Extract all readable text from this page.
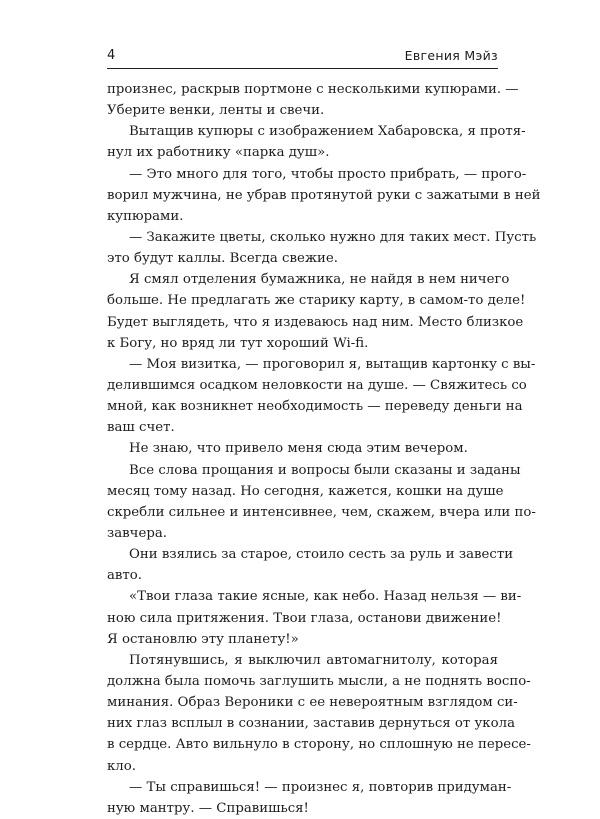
4	Евгения Мэйз
произнес, раскрыв портмоне с несколькими купюрами. —
Уберите венки, ленты и свечи.
Вытащив купюры с изображением Хабаровска, я протя-
нул их работнику «парка душ».
— Это много для того, чтобы просто прибрать, — прого-
ворил мужчина, не убрав протянутой руки с зажатыми в ней
купюрами.
— Закажите цветы, сколько нужно для таких мест. Пусть
это будут каллы. Всегда свежие.
Я смял отделения бумажника, не найдя в нем ничего
больше. Не предлагать же старику карту, в самом-то деле!
Будет выглядеть, что я издеваюсь над ним. Место близкое
к Богу, но вряд ли тут хороший Wi-fi.
— Моя визитка, — проговорил я, вытащив картонку с вы-
делившимся осадком неловкости на душе. — Свяжитесь со
мной, как возникнет необходимость — переведу деньги на
ваш счет.
Не знаю, что привело меня сюда этим вечером.
Все слова прощания и вопросы были сказаны и заданы
месяц тому назад. Но сегодня, кажется, кошки на душе
скребли сильнее и интенсивнее, чем, скажем, вчера или по-
завчера.
Они взялись за старое, стоило сесть за руль и завести
авто.
«Твои глаза такие ясные, как небо. Назад нельзя — ви-
ною сила притяжения. Твои глаза, останови движение!
Я остановлю эту планету!»
Потянувшись, я выключил автомагнитолу, которая
должна была помочь заглушить мысли, а не поднять воспо-
минания. Образ Вероники с ее невероятным взглядом си-
них глаз всплыл в сознании, заставив дернуться от укола
в сердце. Авто вильнуло в сторону, но сплошную не пересе-
кло.
— Ты справишься! — произнес я, повторив придуман-
ную мантру. — Справишься!
